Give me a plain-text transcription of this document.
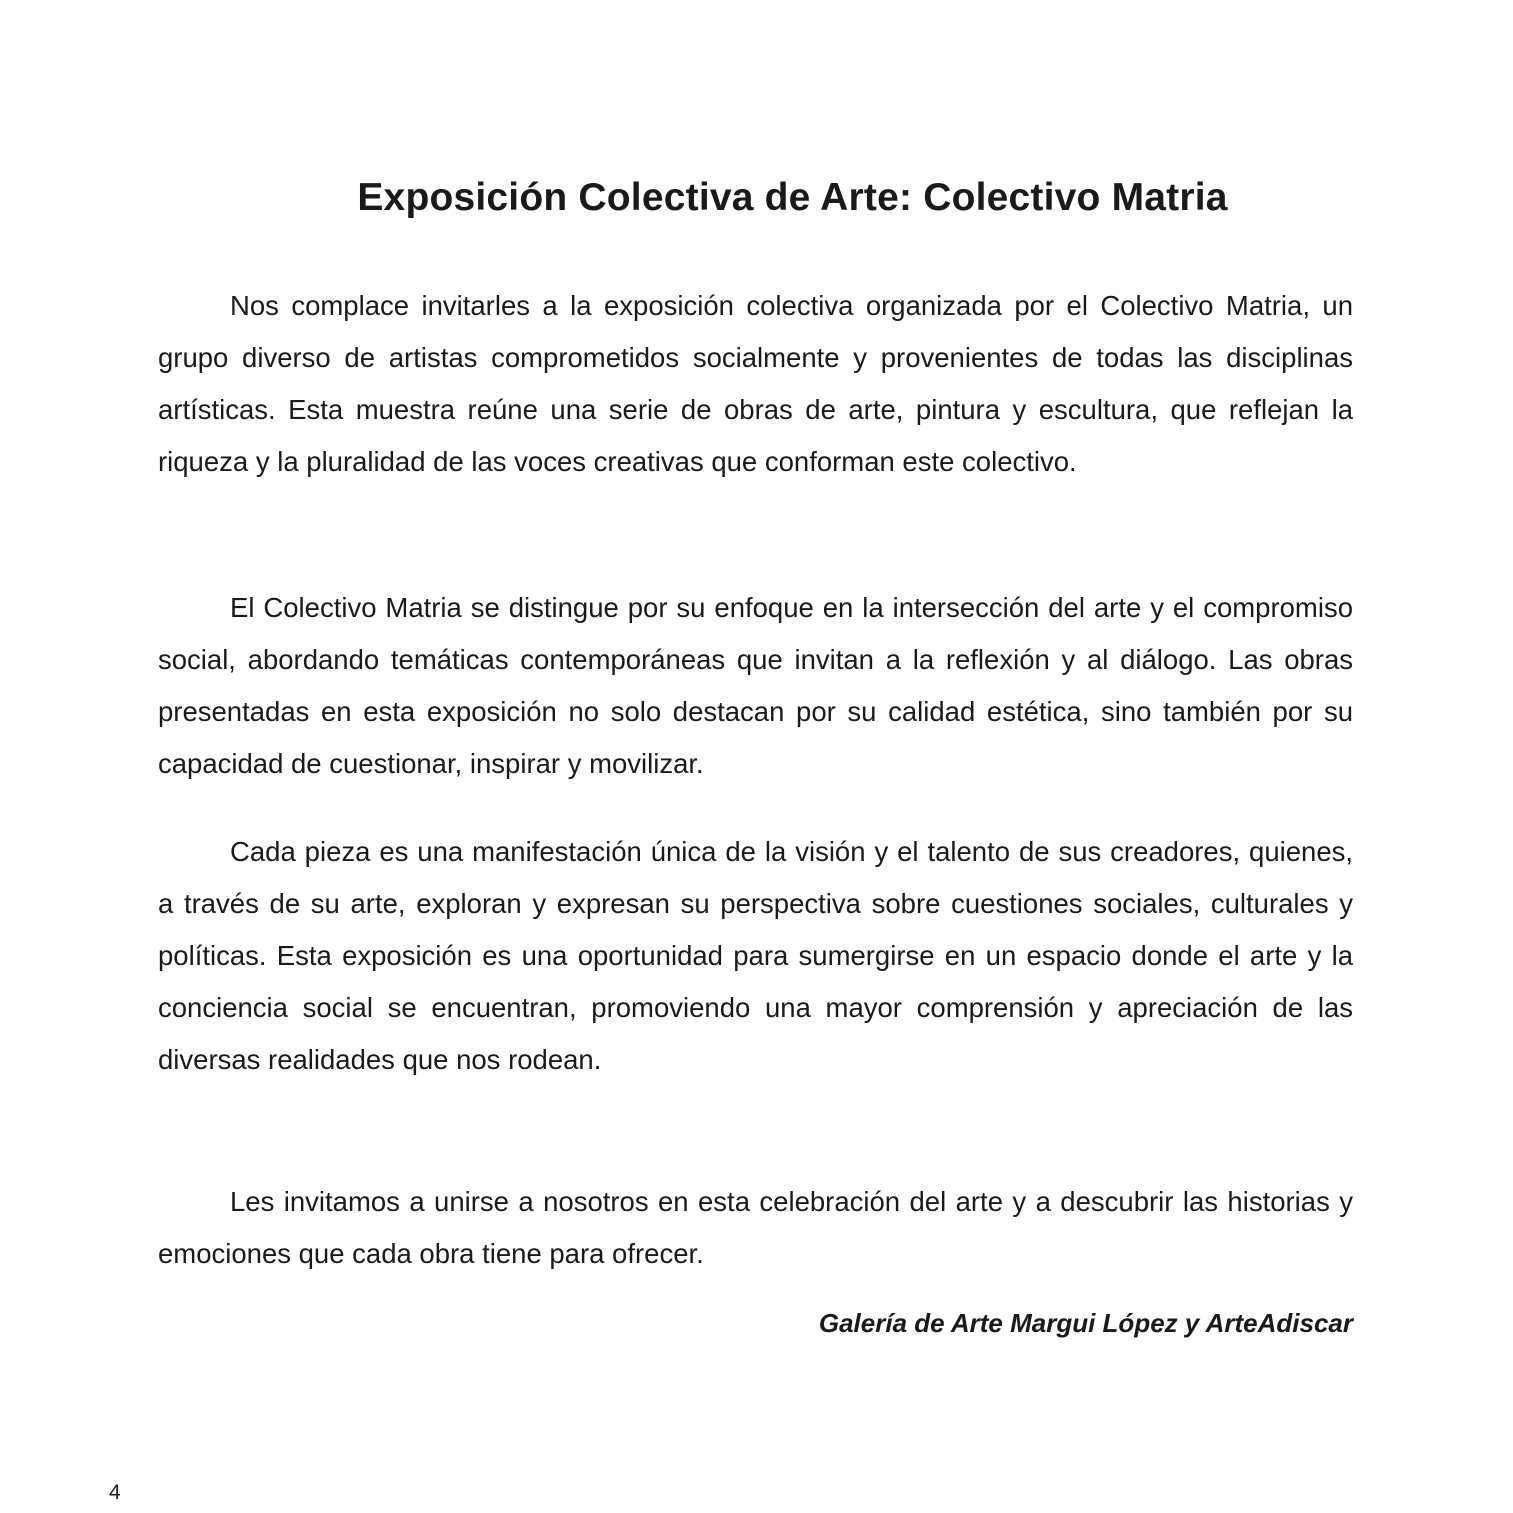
Exposición Colectiva de Arte: Colectivo Matria

Nos complace invitarles a la exposición colectiva organizada por el Colectivo Matria, un grupo diverso de artistas comprometidos socialmente y provenientes de todas las disciplinas artísticas. Esta muestra reúne una serie de obras de arte, pintura y escultura, que reflejan la riqueza y la pluralidad de las voces creativas que conforman este colectivo.

El Colectivo Matria se distingue por su enfoque en la intersección del arte y el compromiso social, abordando temáticas contemporáneas que invitan a la reflexión y al diálogo. Las obras presentadas en esta exposición no solo destacan por su calidad estética, sino también por su capacidad de cuestionar, inspirar y movilizar.

Cada pieza es una manifestación única de la visión y el talento de sus creadores, quienes, a través de su arte, exploran y expresan su perspectiva sobre cuestiones sociales, culturales y políticas. Esta exposición es una oportunidad para sumergirse en un espacio donde el arte y la conciencia social se encuentran, promoviendo una mayor comprensión y apreciación de las diversas realidades que nos rodean.

Les invitamos a unirse a nosotros en esta celebración del arte y a descubrir las historias y emociones que cada obra tiene para ofrecer.

Galería de Arte Margui López y ArteAdiscar

4
